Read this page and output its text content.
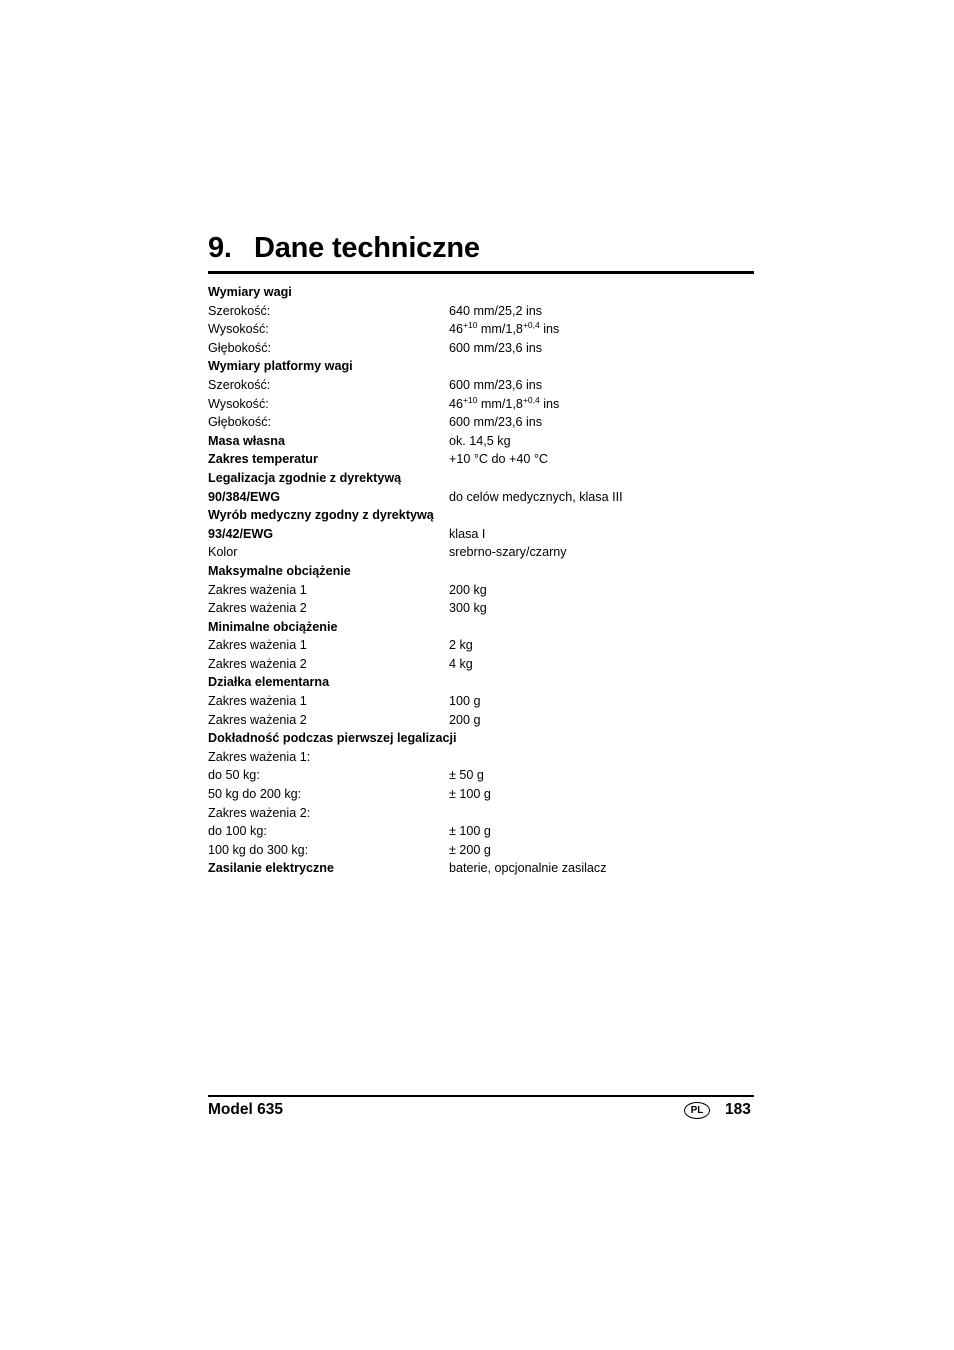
9. Dane techniczne
Wymiary wagi
Szerokość:	640 mm/25,2 ins
Wysokość:	$46^{+10}$ $mm/1,8^{+0,4}$ ins
Głębokość:	600 mm/23,6 ins
Wymiary platformy wagi
Szerokość:	600 mm/23,6 ins
Wysokość:	$46^{+10}$ $mm/1,8^{+0,4}$ ins
Głębokość:	600 mm/23,6 ins
Masa własna	ok. 14,5 kg
Zakres temperatur	+10 °C do +40 °C
Legalizacja zgodnie z dyrektywą
90/384/EWG	do celów medycznych, klasa III
Wyrób medyczny zgodny z dyrektywą
93/42/EWG	klasa I
Kolor	srebrno-szary/czarny
Maksymalne obciążenie
Zakres ważenia 1	200 kg
Zakres ważenia 2	300 kg
Minimalne obciążenie
Zakres ważenia 1	2 kg
Zakres ważenia 2	4 kg
Działka elementarna
Zakres ważenia 1	100 g
Zakres ważenia 2	200 g
Dokładność podczas pierwszej legalizacji
Zakres ważenia 1:
do 50 kg:	± 50 g
50 kg do 200 kg:	± 100 g
Zakres ważenia 2:
do 100 kg:	± 100 g
100 kg do 300 kg:	± 200 g
Zasilanie elektryczne	baterie, opcjonalnie zasilacz
Model 635	PL	183
